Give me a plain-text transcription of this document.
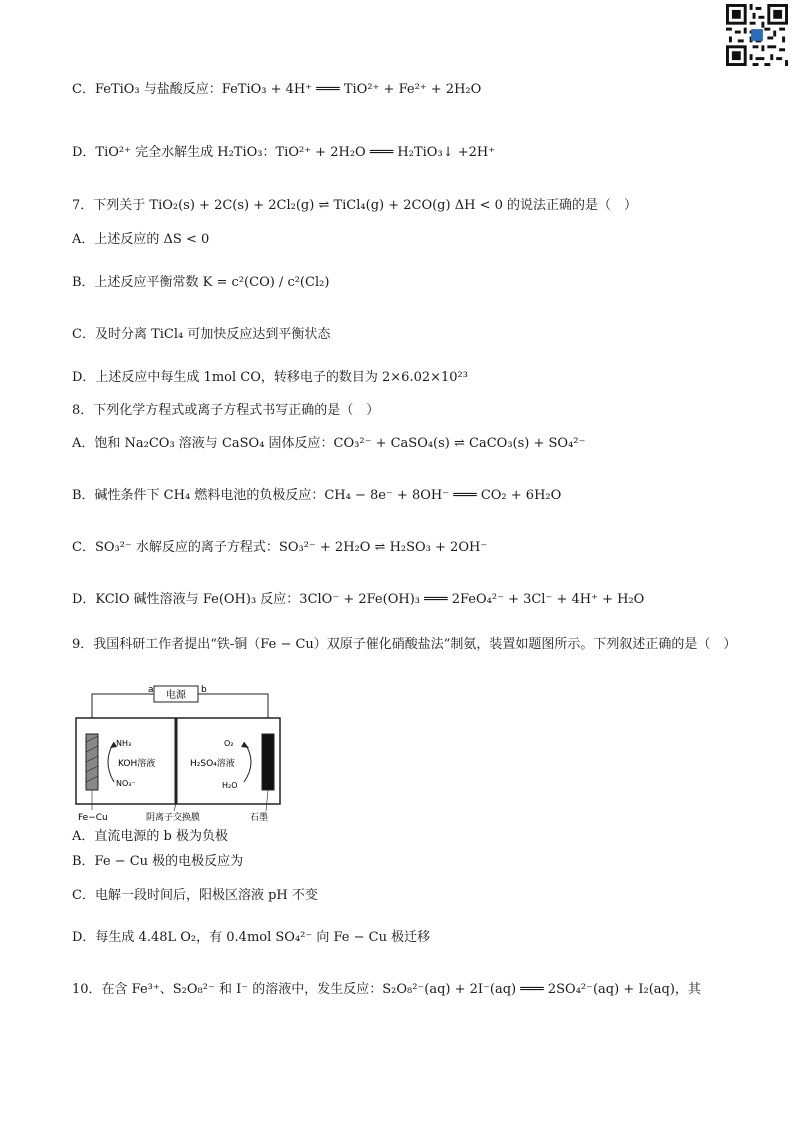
C．FeTiO₃ 与盐酸反应：FeTiO₃ + 4H⁺ ═══ TiO²⁺ + Fe²⁺ + 2H₂O
D．TiO²⁺ 完全水解生成 H₂TiO₃：TiO²⁺ + 2H₂O ═══ H₂TiO₃↓ +2H⁺
7．下列关于 TiO₂(s) + 2C(s) + 2Cl₂(g) ⇌ TiCl₄(g) + 2CO(g) ΔH < 0 的说法正确的是（　）
A．上述反应的 ΔS < 0
B．上述反应平衡常数 K = c²(CO) / c²(Cl₂)
C．及时分离 TiCl₄ 可加快反应达到平衡状态
D．上述反应中每生成 1mol CO，转移电子的数目为 2×6.02×10²³
8．下列化学方程式或离子方程式书写正确的是（　）
A．饱和 Na₂CO₃ 溶液与 CaSO₄ 固体反应：CO₃²⁻ + CaSO₄(s) ⇌ CaCO₃(s) + SO₄²⁻
B．碱性条件下 CH₄ 燃料电池的负极反应：CH₄ − 8e⁻ + 8OH⁻ ═══ CO₂ + 6H₂O
C．SO₃²⁻ 水解反应的离子方程式：SO₃²⁻ + 2H₂O ⇌ H₂SO₃ + 2OH⁻
D．KClO 碱性溶液与 Fe(OH)₃ 反应：3ClO⁻ + 2Fe(OH)₃ ═══ 2FeO₄²⁻ + 3Cl⁻ + 4H⁺ + H₂O
9．我国科研工作者提出“铁-铜（Fe − Cu）双原子催化硝酸盐法”制氨，装置如题图所示。下列叙述正确的是（　）
电源
a	b
NH₃
KOH溶液
NO₃⁻
O₂
H₂SO₄溶液
H₂O
Fe−Cu	阴离子交换膜	石墨
A．直流电源的 b 极为负极
B．Fe − Cu 极的电极反应为
C．电解一段时间后，阳极区溶液 pH 不变
D．每生成 4.48L O₂，有 0.4mol SO₄²⁻ 向 Fe − Cu 极迁移
10．在含 Fe³⁺、S₂O₈²⁻ 和 I⁻ 的溶液中，发生反应：S₂O₈²⁻(aq) + 2I⁻(aq) ═══ 2SO₄²⁻(aq) + I₂(aq)，其
